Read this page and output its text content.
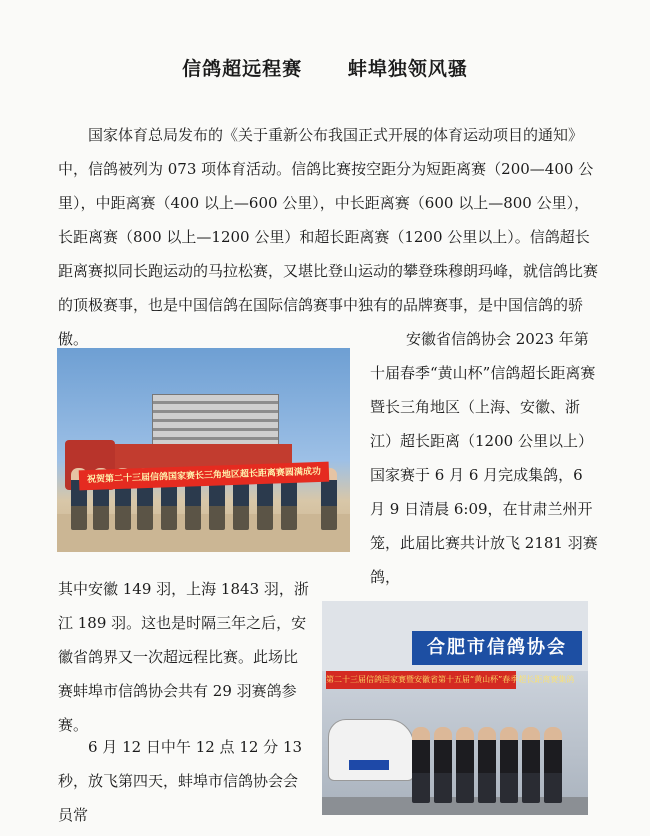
信鸽超远程赛      蚌埠独领风骚

国家体育总局发布的《关于重新公布我国正式开展的体育运动项目的通知》中，信鸽被列为 073 项体育活动。信鸽比赛按空距分为短距离赛（200—400 公里），中距离赛（400 以上—600 公里），中长距离赛（600 以上—800 公里），长距离赛（800 以上—1200 公里）和超长距离赛（1200 公里以上）。信鸽超长距离赛拟同长跑运动的马拉松赛，又堪比登山运动的攀登珠穆朗玛峰，就信鸽比赛的顶极赛事，也是中国信鸽在国际信鸽赛事中独有的品牌赛事，是中国信鸽的骄傲。

祝贺第二十三届信鸽国家赛长三角地区超长距离赛圆满成功

安徽省信鸽协会 2023 年第十届春季“黄山杯”信鸽超长距离赛暨长三角地区（上海、安徽、浙江）超长距离（1200 公里以上）国家赛于 6 月 6 月完成集鸽，6 月 9 日清晨 6:09，在甘肃兰州开笼，此届比赛共计放飞 2181 羽赛鸽，

其中安徽 149 羽，上海 1843 羽，浙江 189 羽。这也是时隔三年之后，安徽省鸽界又一次超远程比赛。此场比赛蚌埠市信鸽协会共有 29 羽赛鸽参赛。

合肥市信鸽协会
第二十三届信鸽国家赛暨安徽省第十五届“黄山杯”春季超长距离赛集鸽

6 月 12 日中午 12 点 12 分 13 秒，放飞第四天，蚌埠市信鸽协会会员常
